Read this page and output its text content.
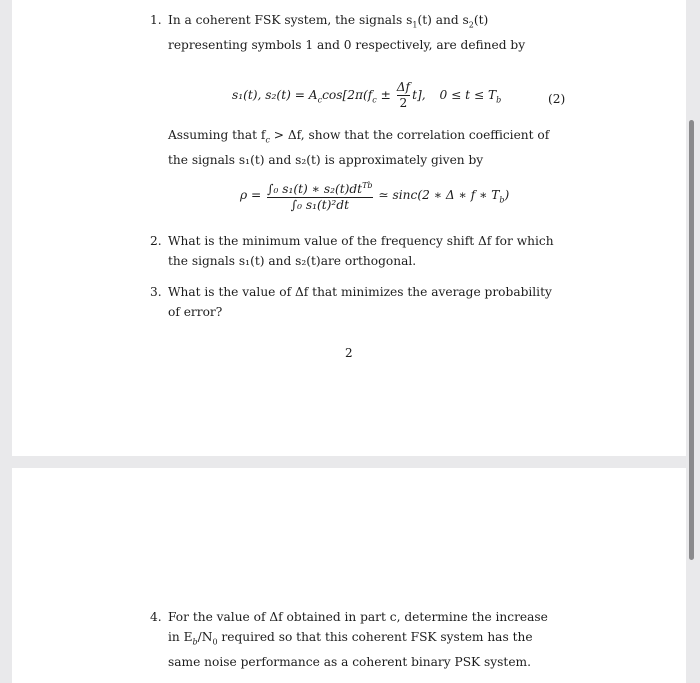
1. In a coherent FSK system, the signals $s_1(t)$ and $s_2(t)$ representing symbols 1 and 0 respectively, are defined by
s₁(t), $s_2(t) = A_c\cos[2\pi(f_c \pm \frac{\Delta f}{2} t]$, $0 \le t \le T_b$	(2)
Assuming that $f_c > \Delta f$, show that the correlation coefficient of the signals s₁(t) and s₂(t) is approximately given by
$\rho = \frac{\int_0 s_1(t) ∗ s_2(t)dt^{Tb}}{\text{∫₀ s₁(t)²dt}}$ ≃ sinc(2 ∗ Δ ∗ f ∗ $T_b$)
2. What is the minimum value of the frequency shift Δf for which the signals s₁(t) and s₂(t)are orthogonal.
3. What is the value of Δf that minimizes the average probability of error?
2
4. For the value of Δf obtained in part c, determine the increase in $E_b/N_0$ required so that this coherent FSK system has the same noise performance as a coherent binary PSK system.
